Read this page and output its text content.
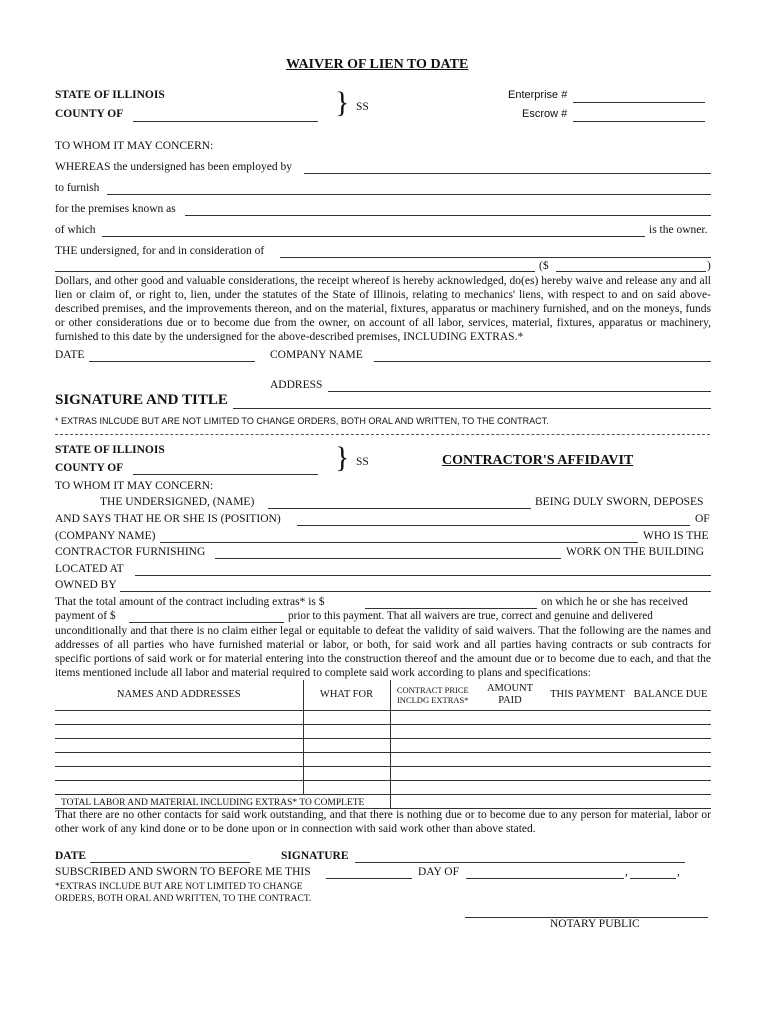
WAIVER OF LIEN TO DATE
STATE OF ILLINOIS
COUNTY OF	} SS
Enterprise #
Escrow #
TO WHOM IT MAY CONCERN:
WHEREAS the undersigned has been employed by
to furnish
for the premises known as
of which	is the owner.
THE undersigned, for and in consideration of
($	)
Dollars, and other good and valuable considerations, the receipt whereof is hereby acknowledged, do(es) hereby waive and release any and all lien or claim of, or right to, lien, under the statutes of the State of Illinois, relating to mechanics' liens, with respect to and on said above-described premises, and the improvements thereon, and on the material, fixtures, apparatus or machinery furnished, and on the moneys, funds or other considerations due or to become due from the owner, on account of all labor, services, material, fixtures, apparatus or machinery, furnished to this date by the undersigned for the above-described premises, INCLUDING EXTRAS.*
DATE	COMPANY NAME
ADDRESS
SIGNATURE AND TITLE
* EXTRAS INLCUDE BUT ARE NOT LIMITED TO CHANGE ORDERS, BOTH ORAL AND WRITTEN, TO THE CONTRACT.
STATE OF ILLINOIS
COUNTY OF	} SS	CONTRACTOR'S AFFIDAVIT
TO WHOM IT MAY CONCERN:
THE UNDERSIGNED, (NAME)	BEING DULY SWORN, DEPOSES
AND SAYS THAT HE OR SHE IS (POSITION)	OF
(COMPANY NAME)	WHO IS THE
CONTRACTOR FURNISHING	WORK ON THE BUILDING
LOCATED AT
OWNED BY
That the total amount of the contract including extras* is $	on which he or she has received
payment of $	prior to this payment. That all waivers are true, correct and genuine and delivered
unconditionally and that there is no claim either legal or equitable to defeat the validity of said waivers. That the following are the names and addresses of all parties who have furnished material or labor, or both, for said work and all parties having contracts or sub contracts for specific portions of said work or for material entering into the construction thereof and the amount due or to become due to each, and that the items mentioned include all labor and material required to complete said work according to plans and specifications:
NAMES AND ADDRESSES	WHAT FOR	CONTRACT PRICE INCLDG EXTRAS*	AMOUNT PAID	THIS PAYMENT	BALANCE DUE

TOTAL LABOR AND MATERIAL INCLUDING EXTRAS* TO COMPLETE					
That there are no other contacts for said work outstanding, and that there is nothing due or to become due to any person for material, labor or other work of any kind done or to be done upon or in connection with said work other than above stated.
DATE	SIGNATURE
SUBSCRIBED AND SWORN TO BEFORE ME THIS	DAY OF	,	,
*EXTRAS INCLUDE BUT ARE NOT LIMITED TO CHANGE
ORDERS, BOTH ORAL AND WRITTEN, TO THE CONTRACT.
NOTARY PUBLIC
